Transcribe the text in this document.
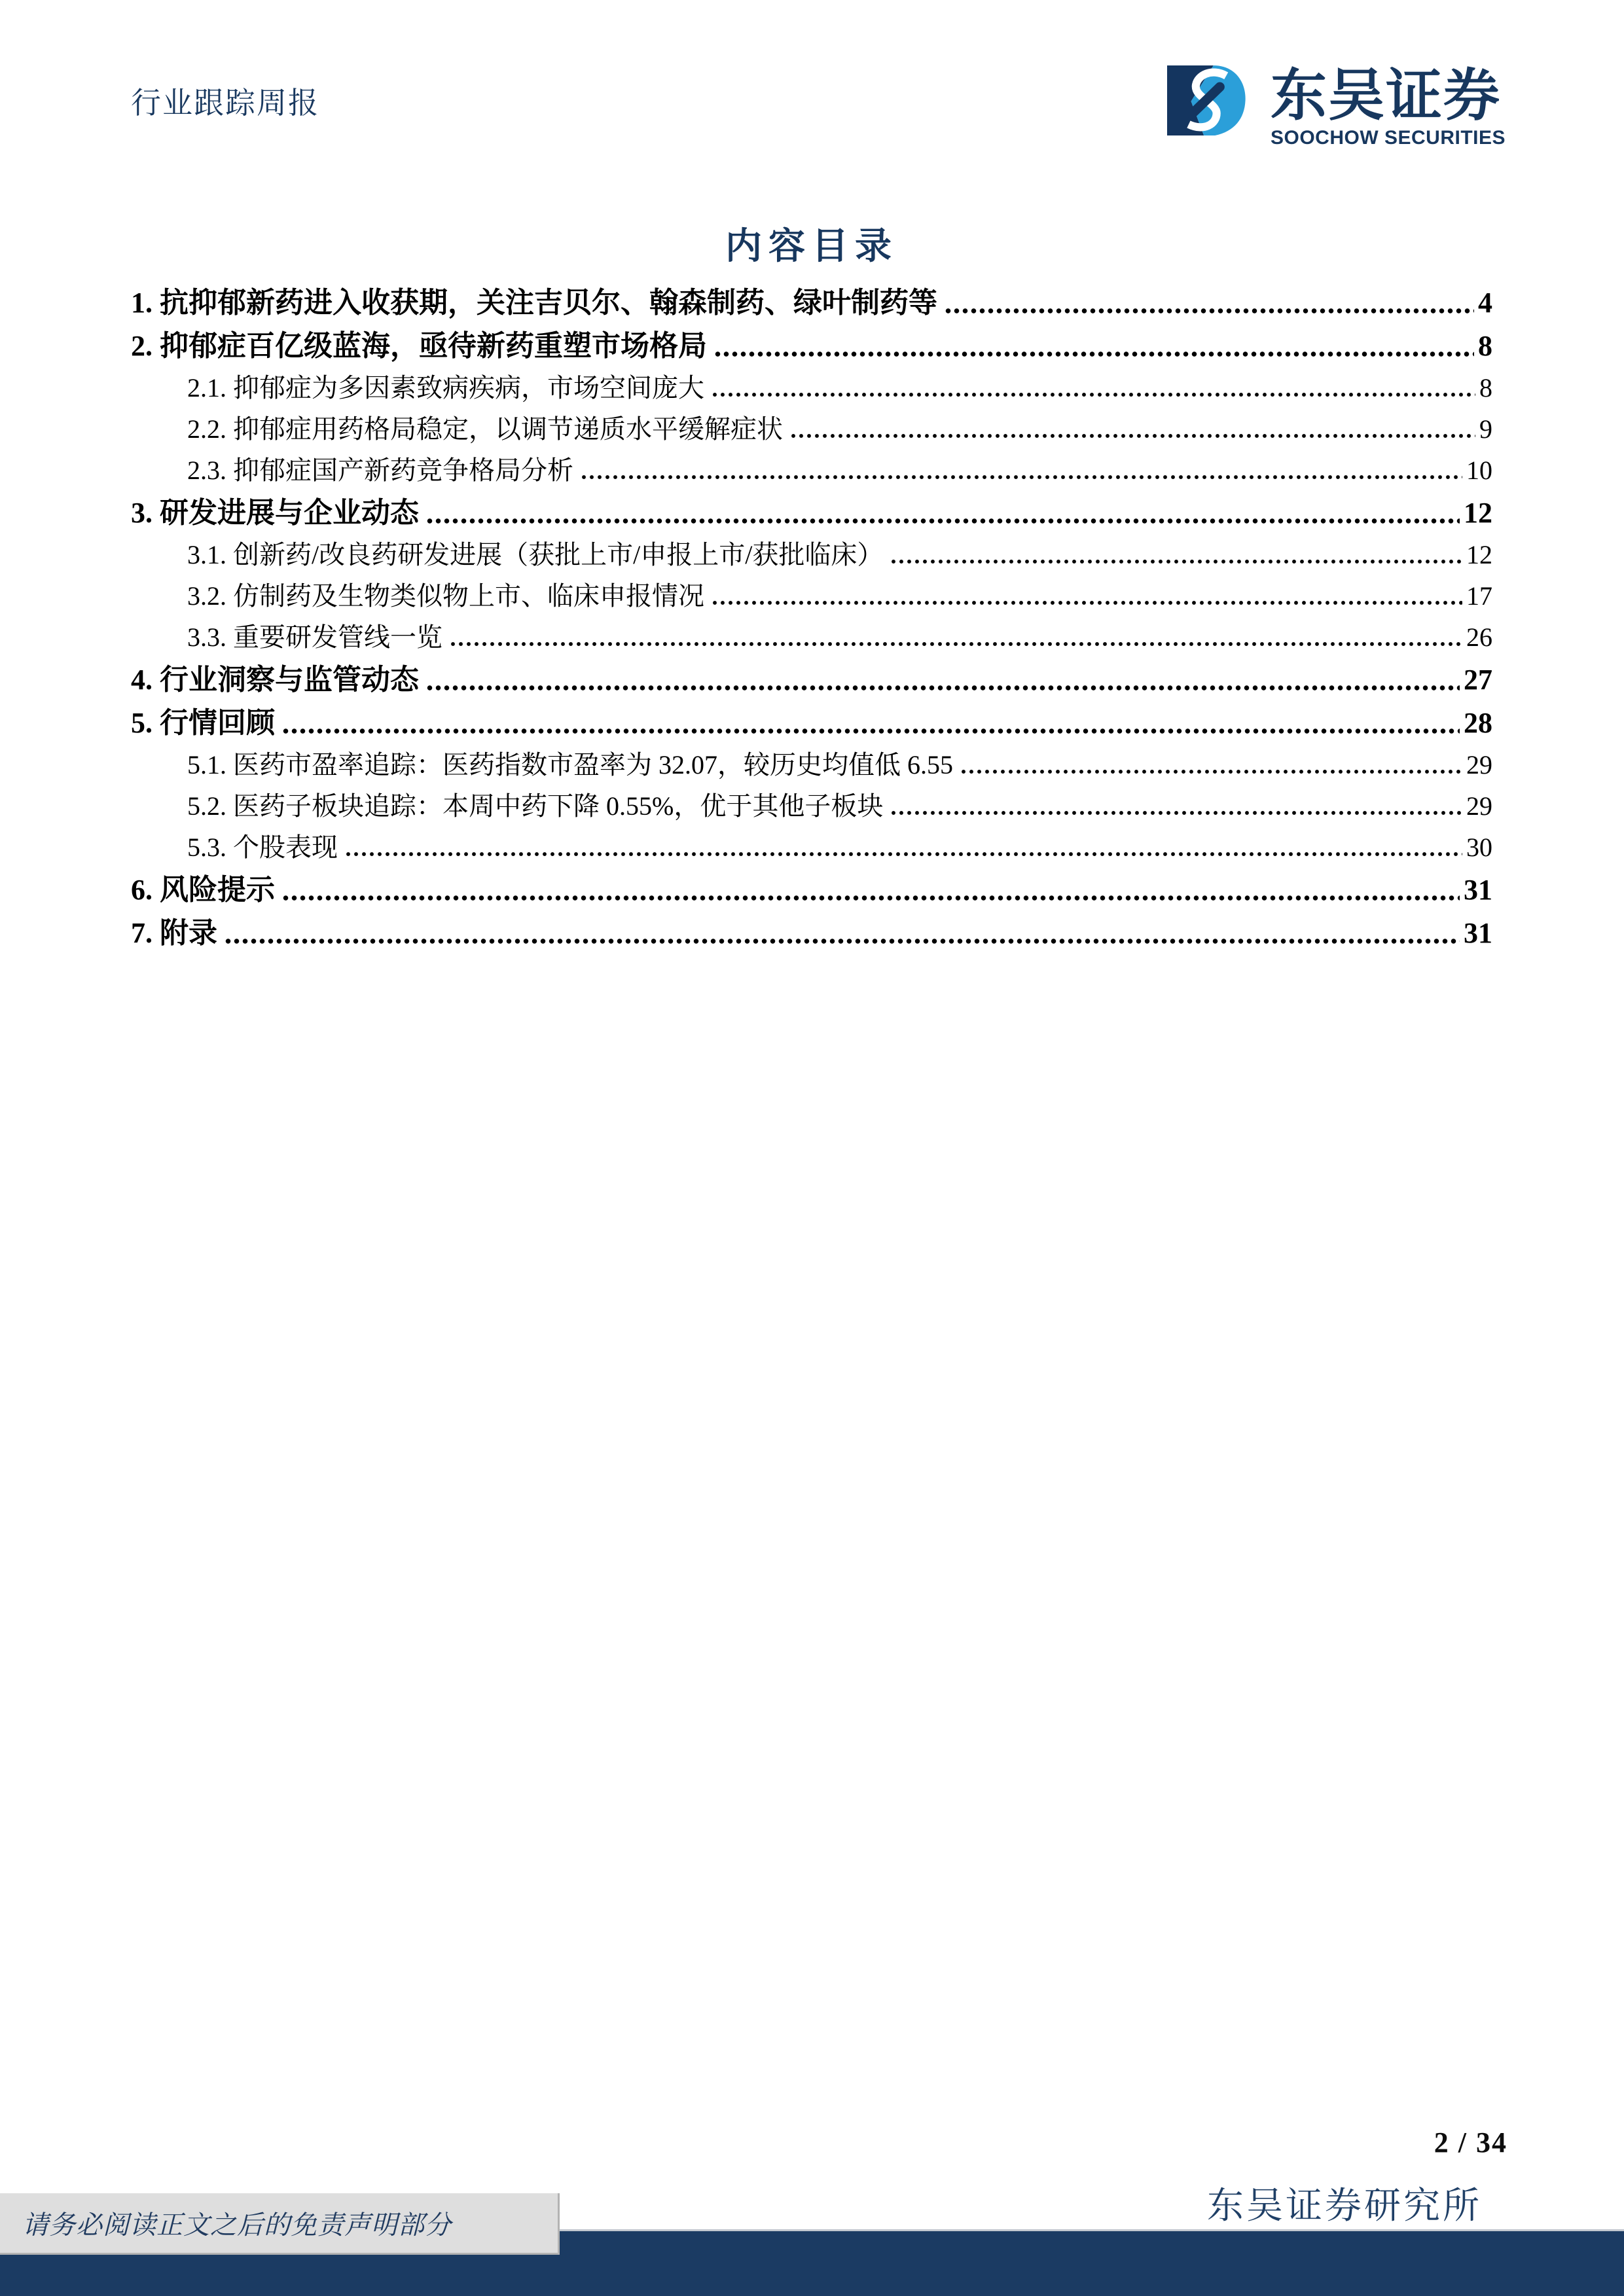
行业跟踪周报	东吴证券
SOOCHOW SECURITIES
内容目录
1. 抗抑郁新药进入收获期，关注吉贝尔、翰森制药、绿叶制药等	4
2. 抑郁症百亿级蓝海，亟待新药重塑市场格局	8
2.1. 抑郁症为多因素致病疾病，市场空间庞大	8
2.2. 抑郁症用药格局稳定，以调节递质水平缓解症状	9
2.3. 抑郁症国产新药竞争格局分析	10
3. 研发进展与企业动态	12
3.1. 创新药/改良药研发进展（获批上市/申报上市/获批临床）	12
3.2. 仿制药及生物类似物上市、临床申报情况	17
3.3. 重要研发管线一览	26
4. 行业洞察与监管动态	27
5. 行情回顾	28
5.1. 医药市盈率追踪：医药指数市盈率为 32.07，较历史均值低 6.55	29
5.2. 医药子板块追踪：本周中药下降 0.55%，优于其他子板块	29
5.3. 个股表现	30
6. 风险提示	31
7. 附录	31
2 / 34
东吴证券研究所
请务必阅读正文之后的免责声明部分
